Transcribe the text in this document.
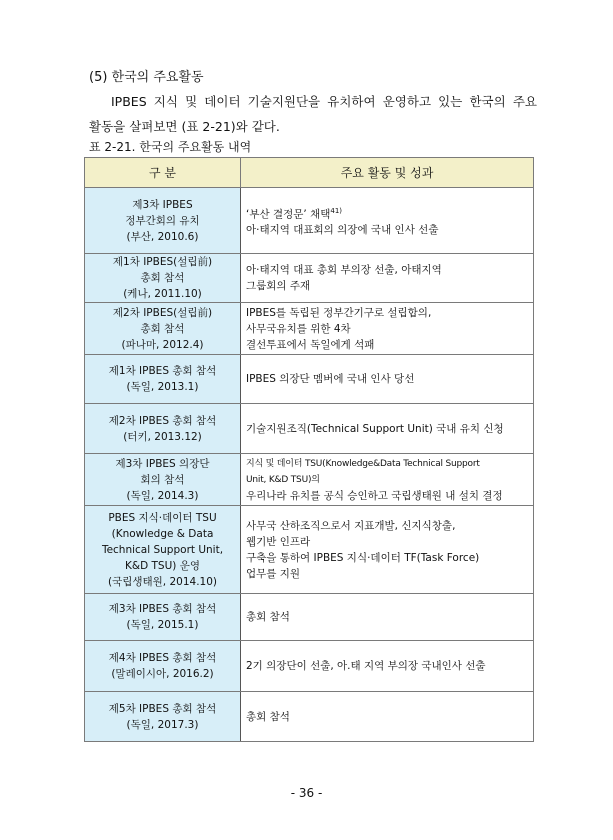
(5) 한국의 주요활동
IPBES 지식 및 데이터 기술지원단을 유치하여 운영하고 있는 한국의 주요
활동을 살펴보면 (표 2-21)와 같다.
표 2-21. 한국의 주요활동 내역
구 분	주요 활동 및 성과

제3차 IPBES
정부간회의 유치
(부산, 2010.6)	‘부산 결정문’ 채택$^{41)}$
아·태지역 대표회의 의장에 국내 인사 선출

제1차 IPBES(설립前)
총회 참석
(케나, 2011.10)	아·태지역 대표 총회 부의장 선출, 아태지역
그룹회의 주재

제2차 IPBES(설립前)
총회 참석
(파나마, 2012.4)	IPBES를 독립된 정부간기구로 설립합의,
사무국유치를 위한 4차
결선투표에서 독일에게 석패

제1차 IPBES 총회 참석
(독일, 2013.1)	IPBES 의장단 멤버에 국내 인사 당선

제2차 IPBES 총회 참석
(터키, 2013.12)	기술지원조직(Technical Support Unit) 국내 유치 신청

제3차 IPBES 의장단
회의 참석
(독일, 2014.3)	지식 및 데이터 TSU(Knowledge&Data Technical Support
Unit, K&D TSU)의
우리나라 유치를 공식 승인하고 국립생태원 내 설치 결정

PBES 지식·데이터 TSU
(Knowledge & Data
Technical Support Unit,
K&D TSU) 운영
(국립생태원, 2014.10)	사무국 산하조직으로서 지표개발, 신지식창출,
웹기반 인프라
구축을 통하여 IPBES 지식·데이터 TF(Task Force)
업무를 지원

제3차 IPBES 총회 참석
(독일, 2015.1)	총회 참석

제4차 IPBES 총회 참석
(말레이시아, 2016.2)	2기 의장단이 선출, 아.태 지역 부의장 국내인사 선출

제5차 IPBES 총회 참석
(독일, 2017.3)	총회 참석
- 36 -
